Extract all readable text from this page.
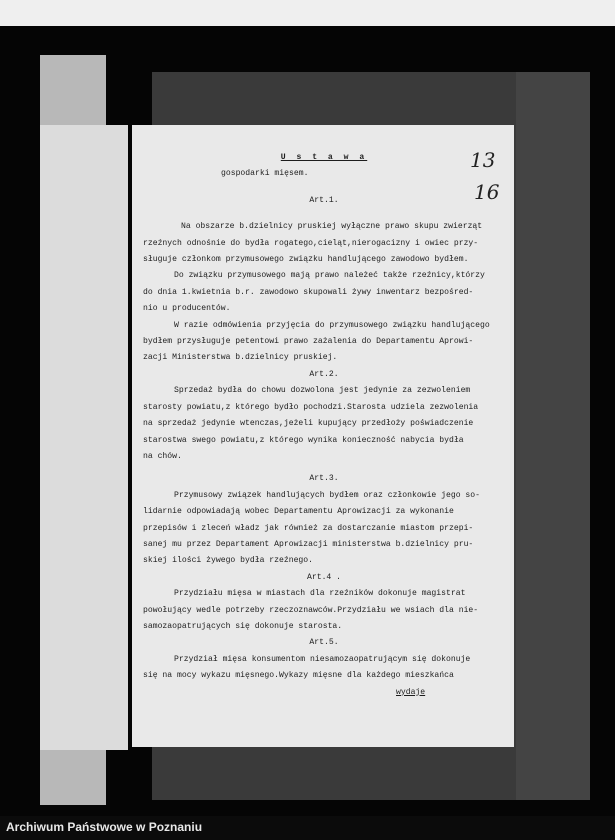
13
16
U s t a w a
gospodarki mięsem.
Art.1.
Na obszarze b.dzielnicy pruskiej wyłączne prawo skupu zwierząt
rzeźnych odnośnie do bydła rogatego,cieląt,nierogacizny i owiec przy-
sługuje członkom przymusowego związku handlującego zawodowo bydłem.
Do związku przymusowego mają prawo należeć także rzeźnicy,którzy
do dnia 1.kwietnia b.r. zawodowo skupowali żywy inwentarz bezpośred-
nio u producentów.
W razie odmówienia przyjęcia do przymusowego związku handlującego
bydłem przysługuje petentowi prawo zażalenia do Departamentu Aprowi-
zacji Ministerstwa b.dzielnicy pruskiej.
Art.2.
Sprzedaż bydła do chowu dozwolona jest jedynie za zezwoleniem
starosty powiatu,z którego bydło pochodzi.Starosta udziela zezwolenia
na sprzedaż jedynie wtenczas,jeżeli kupujący przedłoży poświadczenie
starostwa swego powiatu,z którego wynika konieczność nabycia bydła
na chów.
Art.3.
Przymusowy związek handlujących bydłem oraz członkowie jego so-
lidarnie odpowiadają wobec Departamentu Aprowizacji za wykonanie
przepisów i zleceń władz jak również za dostarczanie miastom przepi-
sanej mu przez Departament Aprowizacji ministerstwa b.dzielnicy pru-
skiej ilości żywego bydła rzeźnego.
Art.4 .
Przydziału mięsa w miastach dla rzeźników dokonuje magistrat
powołujący wedle potrzeby rzeczoznawców.Przydziału we wsiach dla nie-
samozaopatrujących się dokonuje starosta.
Art.5.
Przydział mięsa konsumentom niesamozaopatrującym się dokonuje
się na mocy wykazu mięsnego.Wykazy mięsne dla każdego mieszkańca
wydaje
Archiwum Państwowe w Poznaniu
